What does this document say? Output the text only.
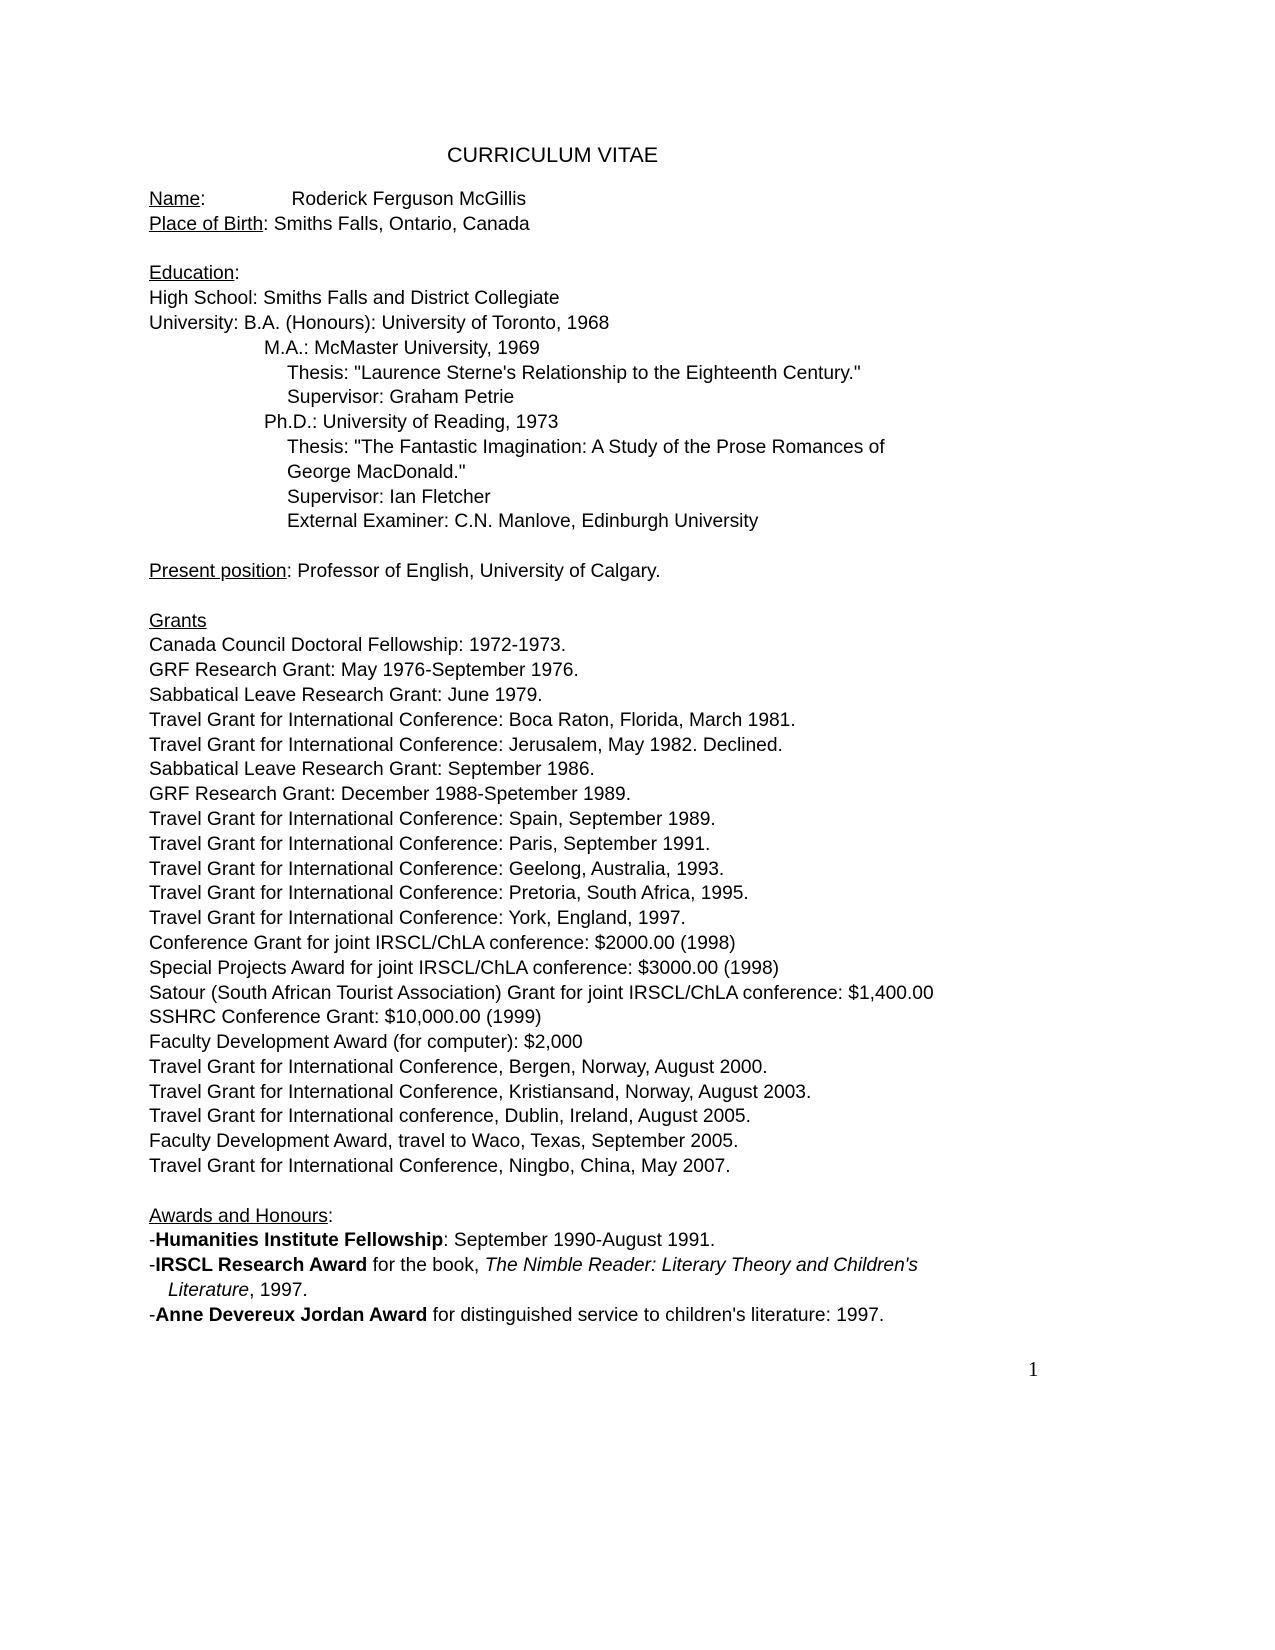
CURRICULUM VITAE
Name:	Roderick Ferguson McGillis
Place of Birth: Smiths Falls, Ontario, Canada
Education:
High School: Smiths Falls and District Collegiate
University: B.A. (Honours): University of Toronto, 1968
M.A.: McMaster University, 1969
Thesis: "Laurence Sterne's Relationship to the Eighteenth Century."
Supervisor: Graham Petrie
Ph.D.: University of Reading, 1973
Thesis: "The Fantastic Imagination: A Study of the Prose Romances of
George MacDonald."
Supervisor: Ian Fletcher
External Examiner: C.N. Manlove, Edinburgh University
Present position: Professor of English, University of Calgary.
Grants
Canada Council Doctoral Fellowship: 1972-1973.
GRF Research Grant: May 1976-September 1976.
Sabbatical Leave Research Grant: June 1979.
Travel Grant for International Conference: Boca Raton, Florida, March 1981.
Travel Grant for International Conference: Jerusalem, May 1982. Declined.
Sabbatical Leave Research Grant: September 1986.
GRF Research Grant: December 1988-Spetember 1989.
Travel Grant for International Conference: Spain, September 1989.
Travel Grant for International Conference: Paris, September 1991.
Travel Grant for International Conference: Geelong, Australia, 1993.
Travel Grant for International Conference: Pretoria, South Africa, 1995.
Travel Grant for International Conference: York, England, 1997.
Conference Grant for joint IRSCL/ChLA conference: $2000.00 (1998)
Special Projects Award for joint IRSCL/ChLA conference: $3000.00 (1998)
Satour (South African Tourist Association) Grant for joint IRSCL/ChLA conference: $1,400.00
SSHRC Conference Grant: $10,000.00 (1999)
Faculty Development Award (for computer): $2,000
Travel Grant for International Conference, Bergen, Norway, August 2000.
Travel Grant for International Conference, Kristiansand, Norway, August 2003.
Travel Grant for International conference, Dublin, Ireland, August 2005.
Faculty Development Award, travel to Waco, Texas, September 2005.
Travel Grant for International Conference, Ningbo, China, May 2007.
Awards and Honours:
-Humanities Institute Fellowship: September 1990-August 1991.
-IRSCL Research Award for the book, The Nimble Reader: Literary Theory and Children's
Literature, 1997.
-Anne Devereux Jordan Award for distinguished service to children's literature: 1997.
1
